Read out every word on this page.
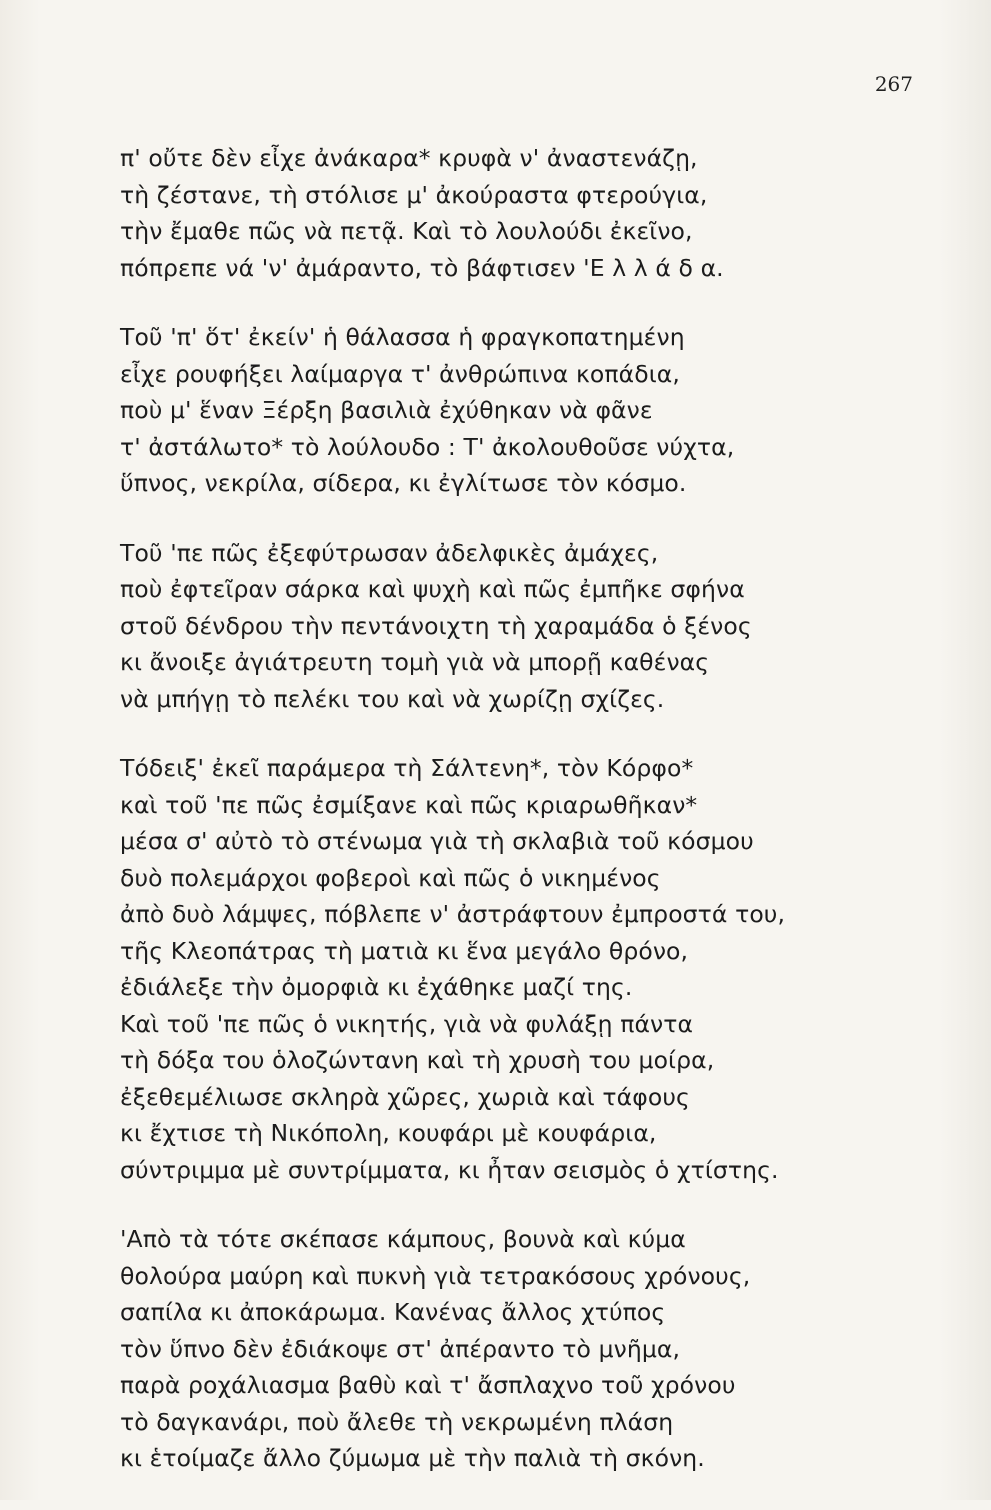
267
π' οὔτε δὲν εἶχε ἀνάκαρα* κρυφὰ ν' ἀναστενάζῃ,
τὴ ζέστανε, τὴ στόλισε μ' ἀκούραστα φτερούγια,
τὴν ἔμαθε πῶς νὰ πετᾷ. Καὶ τὸ λουλούδι ἐκεῖνο,
πόπρεπε νά 'ν' ἀμάραντο, τὸ βάφτισεν 'Ε λ λ ά δ α.
Τοῦ 'π' ὅτ' ἐκείν' ἡ θάλασσα ἡ φραγκοπατημένη
εἶχε ρουφήξει λαίμαργα τ' ἀνθρώπινα κοπάδια,
ποὺ μ' ἕναν Ξέρξη βασιλιὰ ἐχύθηκαν νὰ φᾶνε
τ' ἀστάλωτο* τὸ λούλουδο : Τ' ἀκολουθοῦσε νύχτα,
ὕπνος, νεκρίλα, σίδερα, κι ἐγλίτωσε τὸν κόσμο.
Τοῦ 'πε πῶς ἐξεφύτρωσαν ἀδελφικὲς ἀμάχες,
ποὺ ἐφτεῖραν σάρκα καὶ ψυχὴ καὶ πῶς ἐμπῆκε σφήνα
στοῦ δένδρου τὴν πεντάνοιχτη τὴ χαραμάδα ὁ ξένος
κι ἄνοιξε ἀγιάτρευτη τομὴ γιὰ νὰ μπορῇ καθένας
νὰ μπήγῃ τὸ πελέκι του καὶ νὰ χωρίζῃ σχίζες.
Τόδειξ' ἐκεῖ παράμερα τὴ Σάλτενη*, τὸν Κόρφο*
καὶ τοῦ 'πε πῶς ἐσμίξανε καὶ πῶς κριαρωθῆκαν*
μέσα σ' αὐτὸ τὸ στένωμα γιὰ τὴ σκλαβιὰ τοῦ κόσμου
δυὸ πολεμάρχοι φοβεροὶ καὶ πῶς ὁ νικημένος
ἀπὸ δυὸ λάμψες, πόβλεπε ν' ἀστράφτουν ἐμπροστά του,
τῆς Κλεοπάτρας τὴ ματιὰ κι ἕνα μεγάλο θρόνο,
ἐδιάλεξε τὴν ὀμορφιὰ κι ἐχάθηκε μαζί της.
Καὶ τοῦ 'πε πῶς ὁ νικητής, γιὰ νὰ φυλάξῃ πάντα
τὴ δόξα του ὁλοζώντανη καὶ τὴ χρυσὴ του μοίρα,
ἐξεθεμέλιωσε σκληρὰ χῶρες, χωριὰ καὶ τάφους
κι ἔχτισε τὴ Νικόπολη, κουφάρι μὲ κουφάρια,
σύντριμμα μὲ συντρίμματα, κι ἦταν σεισμὸς ὁ χτίστης.
'Απὸ τὰ τότε σκέπασε κάμπους, βουνὰ καὶ κύμα
θολούρα μαύρη καὶ πυκνὴ γιὰ τετρακόσους χρόνους,
σαπίλα κι ἀποκάρωμα. Κανένας ἄλλος χτύπος
τὸν ὕπνο δὲν ἐδιάκοψε στ' ἀπέραντο τὸ μνῆμα,
παρὰ ροχάλιασμα βαθὺ καὶ τ' ἄσπλαχνο τοῦ χρόνου
τὸ δαγκανάρι, ποὺ ἄλεθε τὴ νεκρωμένη πλάση
κι ἑτοίμαζε ἄλλο ζύμωμα μὲ τὴν παλιὰ τὴ σκόνη.
